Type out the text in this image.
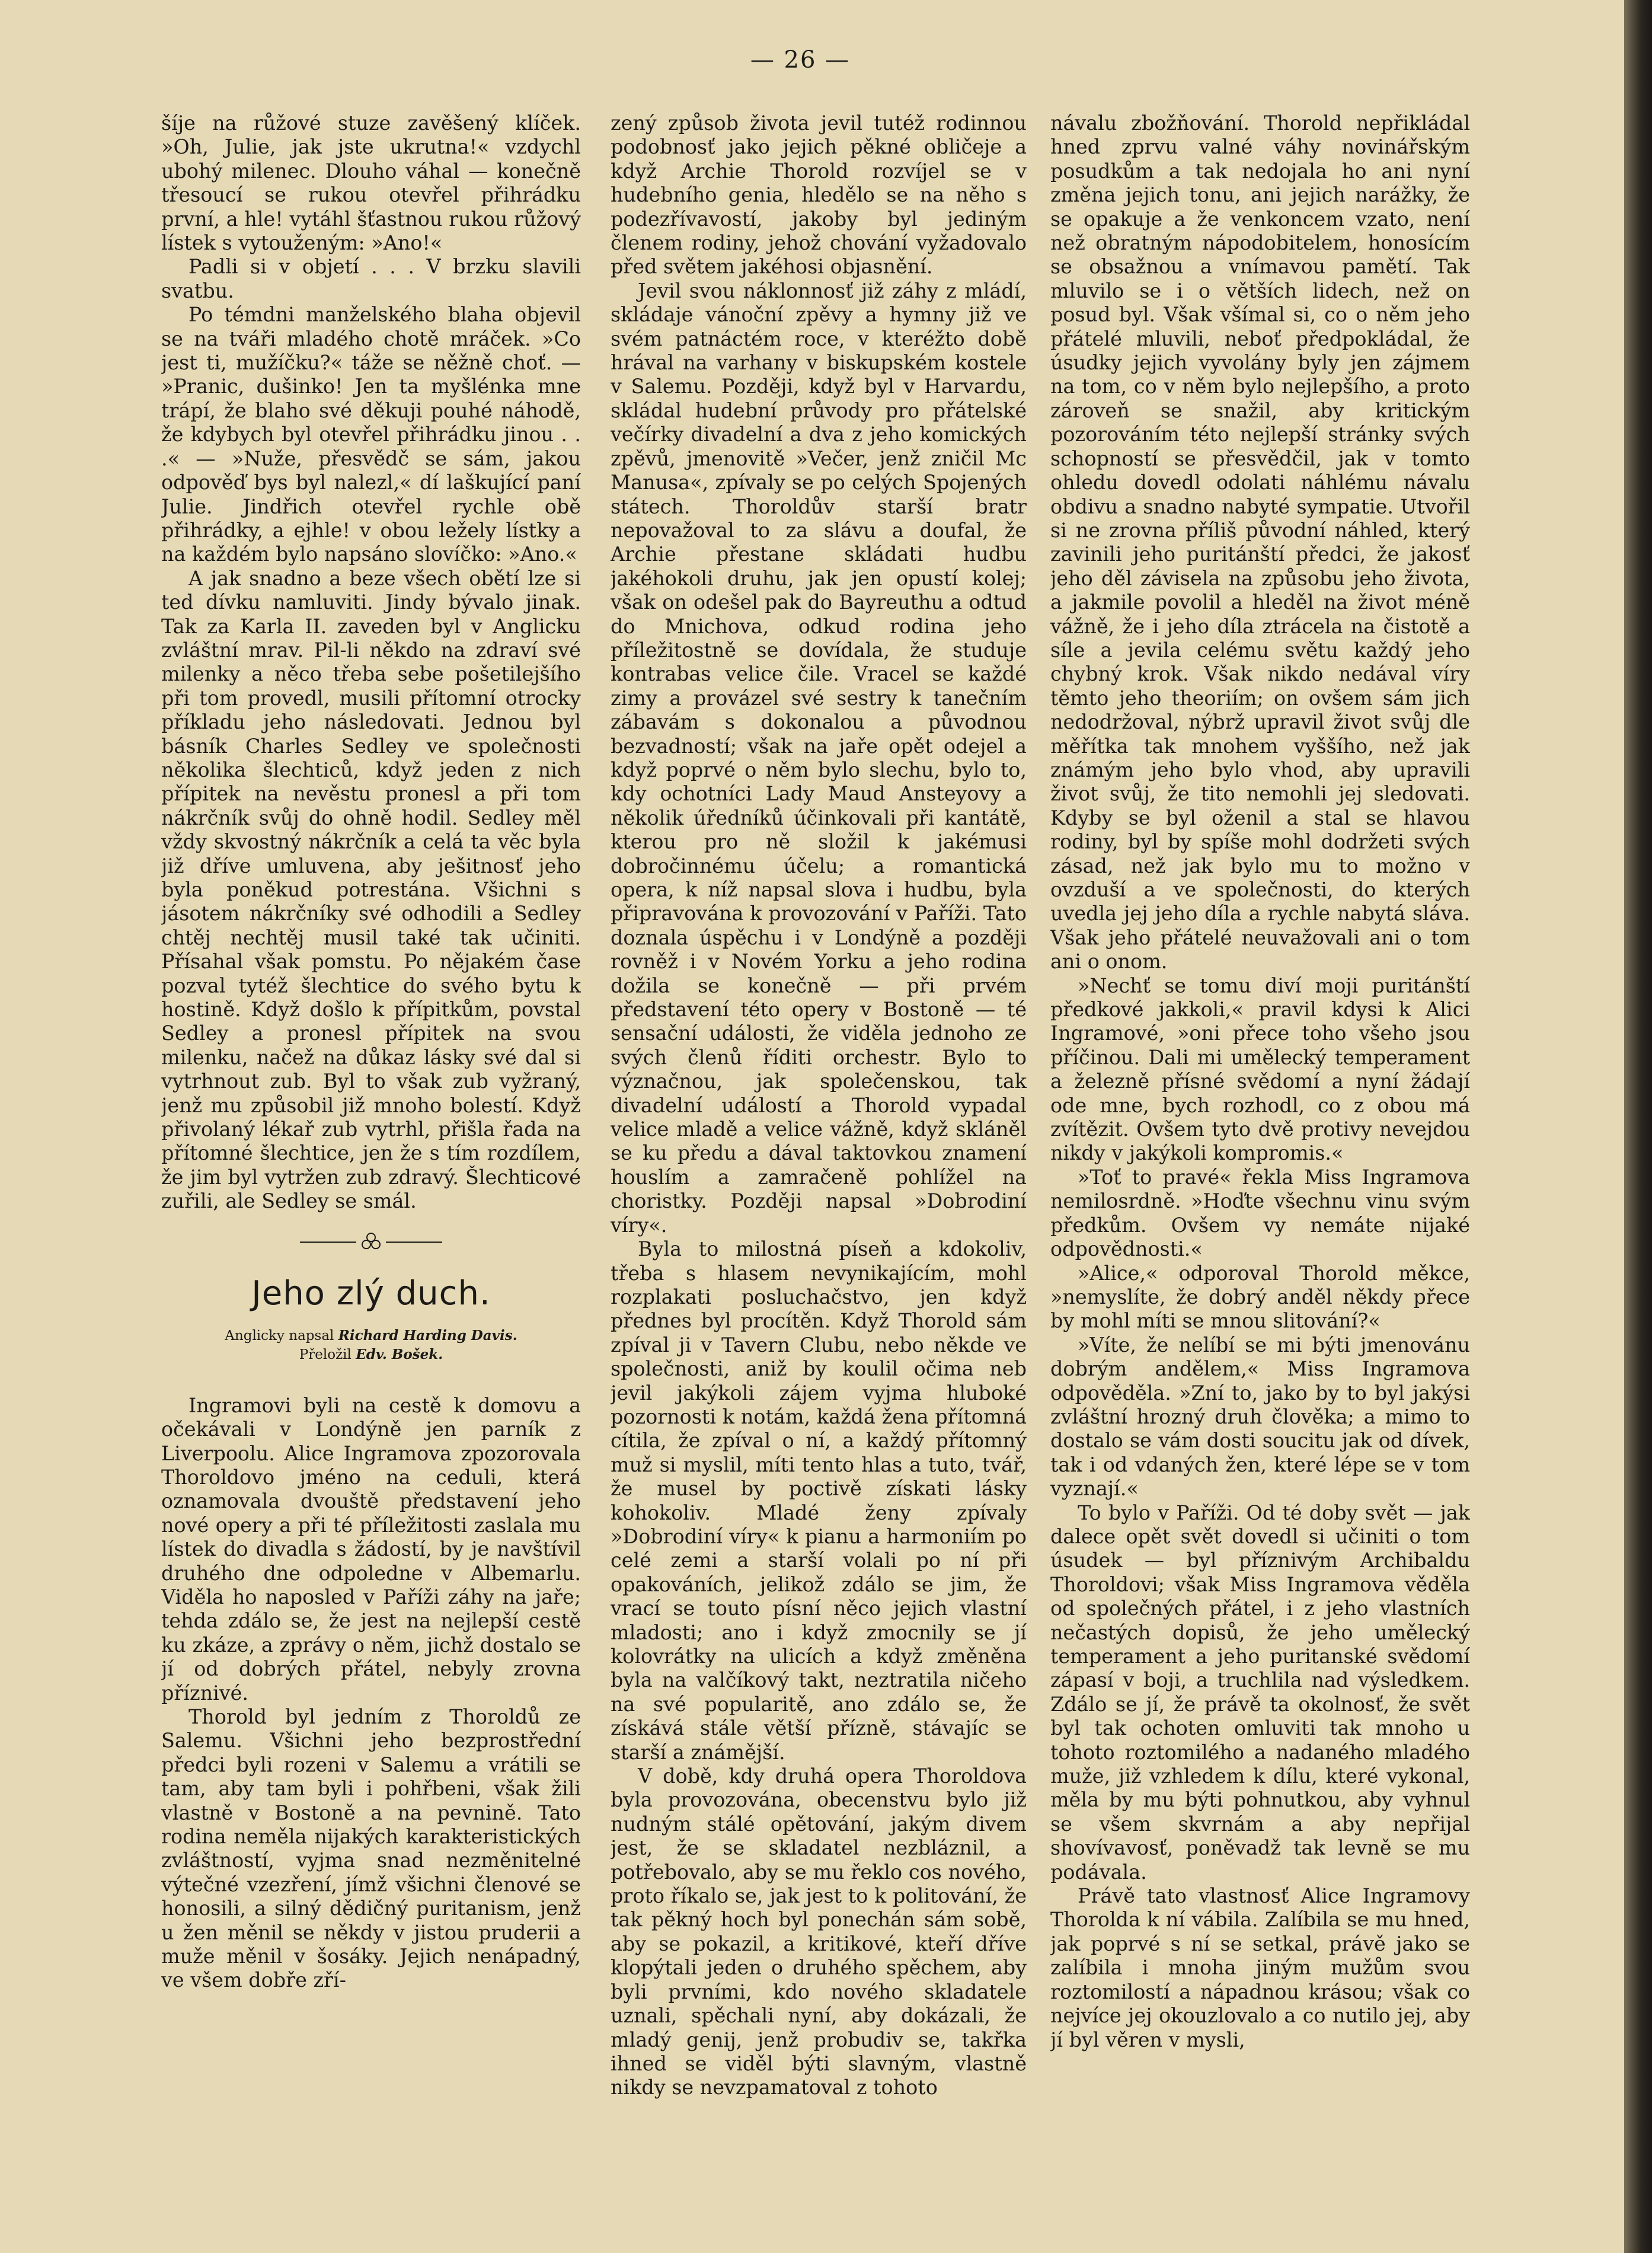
— 26 —

šíje na růžové stuze zavěšený klíček. »Oh, Julie, jak jste ukrutna!« vzdychl ubohý milenec. Dlouho váhal — konečně třesoucí se rukou otevřel přihrádku první, a hle! vytáhl šťastnou rukou růžový lístek s vytouženým: »Ano!«

Padli si v objetí . . . V brzku slavili svatbu.

Po témdni manželského blaha objevil se na tváři mladého chotě mráček. »Co jest ti, mužíčku?« táže se něžně choť. — »Pranic, dušinko! Jen ta myšlénka mne trápí, že blaho své děkuji pouhé náhodě, že kdybych byl otevřel přihrádku jinou . . .« — »Nuže, přesvědč se sám, jakou odpověď bys byl nalezl,« dí laškující paní Julie. Jindřich otevřel rychle obě přihrádky, a ejhle! v obou ležely lístky a na každém bylo napsáno slovíčko: »Ano.«

A jak snadno a beze všech obětí lze si ted dívku namluviti. Jindy bývalo jinak. Tak za Karla II. zaveden byl v Anglicku zvláštní mrav. Pil-li někdo na zdraví své milenky a něco třeba sebe pošetilejšího při tom provedl, musili přítomní otrocky příkladu jeho následovati. Jednou byl básník Charles Sedley ve společnosti několika šlechticů, když jeden z nich přípitek na nevěstu pronesl a při tom nákrčník svůj do ohně hodil. Sedley měl vždy skvostný nákrčník a celá ta věc byla již dříve umluvena, aby ješitnosť jeho byla poněkud potrestána. Všichni s jásotem nákrčníky své odhodili a Sedley chtěj nechtěj musil také tak učiniti. Přísahal však pomstu. Po nějakém čase pozval tytéž šlechtice do svého bytu k hostině. Když došlo k přípitkům, povstal Sedley a pronesl přípitek na svou milenku, načež na důkaz lásky své dal si vytrhnout zub. Byl to však zub vyžraný, jenž mu způsobil již mnoho bolestí. Když přivolaný lékař zub vytrhl, přišla řada na přítomné šlechtice, jen že s tím rozdílem, že jim byl vytržen zub zdravý. Šlechticové zuřili, ale Sedley se smál.

Jeho zlý duch.

Anglicky napsal Richard Harding Davis.

Přeložil Edv. Bošek.

Ingramovi byli na cestě k domovu a očekávali v Londýně jen parník z Liverpoolu. Alice Ingramova zpozorovala Thoroldovo jméno na ceduli, která oznamovala dvouště představení jeho nové opery a při té příležitosti zaslala mu lístek do divadla s žádostí, by je navštívil druhého dne odpoledne v Albemarlu. Viděla ho naposled v Paříži záhy na jaře; tehda zdálo se, že jest na nejlepší cestě ku zkáze, a zprávy o něm, jichž dostalo se jí od dobrých přátel, nebyly zrovna příznivé.

Thorold byl jedním z Thoroldů ze Salemu. Všichni jeho bezprostřední předci byli rozeni v Salemu a vrátili se tam, aby tam byli i pohřbeni, však žili vlastně v Bostoně a na pevnině. Tato rodina neměla nijakých karakteristických zvláštností, vyjma snad nezměnitelné výtečné vzezření, jímž všichni členové se honosili, a silný dědičný puritanism, jenž u žen měnil se někdy v jistou pruderii a muže měnil v šosáky. Jejich nenápadný, ve všem dobře zří-

zený způsob života jevil tutéž rodinnou podobnosť jako jejich pěkné obličeje a když Archie Thorold rozvíjel se v hudebního genia, hledělo se na něho s podezřívavostí, jakoby byl jediným členem rodiny, jehož chování vyžadovalo před světem jakéhosi objasnění.

Jevil svou náklonnosť již záhy z mládí, skládaje vánoční zpěvy a hymny již ve svém patnáctém roce, v kteréžto době hrával na varhany v biskupském kostele v Salemu. Později, když byl v Harvardu, skládal hudební průvody pro přátelské večírky divadelní a dva z jeho komických zpěvů, jmenovitě »Večer, jenž zničil Mc Manusa«, zpívaly se po celých Spojených státech. Thoroldův starší bratr nepovažoval to za slávu a doufal, že Archie přestane skládati hudbu jakéhokoli druhu, jak jen opustí kolej; však on odešel pak do Bayreuthu a odtud do Mnichova, odkud rodina jeho příležitostně se dovídala, že studuje kontrabas velice čile. Vracel se každé zimy a provázel své sestry k tanečním zábavám s dokonalou a původnou bezvadností; však na jaře opět odejel a když poprvé o něm bylo slechu, bylo to, kdy ochotníci Lady Maud Ansteyovy a několik úředníků účinkovali při kantátě, kterou pro ně složil k jakémusi dobročinnému účelu; a romantická opera, k níž napsal slova i hudbu, byla připravována k provozování v Paříži. Tato doznala úspěchu i v Londýně a později rovněž i v Novém Yorku a jeho rodina dožila se konečně — při prvém představení této opery v Bostoně — té sensační události, že viděla jednoho ze svých členů říditi orchestr. Bylo to význačnou, jak společenskou, tak divadelní událostí a Thorold vypadal velice mladě a velice vážně, když skláněl se ku předu a dával taktovkou znamení houslím a zamračeně pohlížel na choristky. Později napsal »Dobrodiní víry«.

Byla to milostná píseň a kdokoliv, třeba s hlasem nevynikajícím, mohl rozplakati posluchačstvo, jen když přednes byl procítěn. Když Thorold sám zpíval ji v Tavern Clubu, nebo někde ve společnosti, aniž by koulil očima neb jevil jakýkoli zájem vyjma hluboké pozornosti k notám, každá žena přítomná cítila, že zpíval o ní, a každý přítomný muž si myslil, míti tento hlas a tuto, tvář, že musel by poctivě získati lásky kohokoliv. Mladé ženy zpívaly »Dobrodiní víry« k pianu a harmoniím po celé zemi a starší volali po ní při opakováních, jelikož zdálo se jim, že vrací se touto písní něco jejich vlastní mladosti; ano i když zmocnily se jí kolovrátky na ulicích a když změněna byla na valčíkový takt, neztratila ničeho na své popularitě, ano zdálo se, že získává stále větší přízně, stávajíc se starší a známější.

V době, kdy druhá opera Thoroldova byla provozována, obecenstvu bylo již nudným stálé opětování, jakým divem jest, že se skladatel nezbláznil, a potřebovalo, aby se mu řeklo cos nového, proto říkalo se, jak jest to k politování, že tak pěkný hoch byl ponechán sám sobě, aby se pokazil, a kritikové, kteří dříve klopýtali jeden o druhého spěchem, aby byli prvními, kdo nového skladatele uznali, spěchali nyní, aby dokázali, že mladý genij, jenž probudiv se, takřka ihned se viděl býti slavným, vlastně nikdy se nevzpamatoval z tohoto

návalu zbožňování. Thorold nepřikládal hned zprvu valné váhy novinářským posudkům a tak nedojala ho ani nyní změna jejich tonu, ani jejich narážky, že se opakuje a že venkoncem vzato, není než obratným nápodobitelem, honosícím se obsažnou a vnímavou pamětí. Tak mluvilo se i o větších lidech, než on posud byl. Však všímal si, co o něm jeho přátelé mluvili, neboť předpokládal, že úsudky jejich vyvolány byly jen zájmem na tom, co v něm bylo nejlepšího, a proto zároveň se snažil, aby kritickým pozorováním této nejlepší stránky svých schopností se přesvědčil, jak v tomto ohledu dovedl odolati náhlému návalu obdivu a snadno nabyté sympatie. Utvořil si ne zrovna příliš původní náhled, který zavinili jeho puritánští předci, že jakosť jeho děl závisela na způsobu jeho života, a jakmile povolil a hleděl na život méně vážně, že i jeho díla ztrácela na čistotě a síle a jevila celému světu každý jeho chybný krok. Však nikdo nedával víry těmto jeho theoriím; on ovšem sám jich nedodržoval, nýbrž upravil život svůj dle měřítka tak mnohem vyššího, než jak známým jeho bylo vhod, aby upravili život svůj, že tito nemohli jej sledovati. Kdyby se byl oženil a stal se hlavou rodiny, byl by spíše mohl dodržeti svých zásad, než jak bylo mu to možno v ovzduší a ve společnosti, do kterých uvedla jej jeho díla a rychle nabytá sláva. Však jeho přátelé neuvažovali ani o tom ani o onom.

»Nechť se tomu diví moji puritánští předkové jakkoli,« pravil kdysi k Alici Ingramové, »oni přece toho všeho jsou příčinou. Dali mi umělecký temperament a železně přísné svědomí a nyní žádají ode mne, bych rozhodl, co z obou má zvítězit. Ovšem tyto dvě protivy nevejdou nikdy v jakýkoli kompromis.«

»Toť to pravé« řekla Miss Ingramova nemilosrdně. »Hoďte všechnu vinu svým předkům. Ovšem vy nemáte nijaké odpovědnosti.«

»Alice,« odporoval Thorold měkce, »nemyslíte, že dobrý anděl někdy přece by mohl míti se mnou slitování?«

»Víte, že nelíbí se mi býti jmenovánu dobrým andělem,« Miss Ingramova odpověděla. »Zní to, jako by to byl jakýsi zvláštní hrozný druh člověka; a mimo to dostalo se vám dosti soucitu jak od dívek, tak i od vdaných žen, které lépe se v tom vyznají.«

To bylo v Paříži. Od té doby svět — jak dalece opět svět dovedl si učiniti o tom úsudek — byl příznivým Archibaldu Thoroldovi; však Miss Ingramova věděla od společných přátel, i z jeho vlastních nečastých dopisů, že jeho umělecký temperament a jeho puritanské svědomí zápasí v boji, a truchlila nad výsledkem. Zdálo se jí, že právě ta okolnosť, že svět byl tak ochoten omluviti tak mnoho u tohoto roztomilého a nadaného mladého muže, již vzhledem k dílu, které vykonal, měla by mu býti pohnutkou, aby vyhnul se všem skvrnám a aby nepřijal shovívavosť, poněvadž tak levně se mu podávala.

Právě tato vlastnosť Alice Ingramovy Thorolda k ní vábila. Zalíbila se mu hned, jak poprvé s ní se setkal, právě jako se zalíbila i mnoha jiným mužům svou roztomilostí a nápadnou krásou; však co nejvíce jej okouzlovalo a co nutilo jej, aby jí byl věren v mysli,
